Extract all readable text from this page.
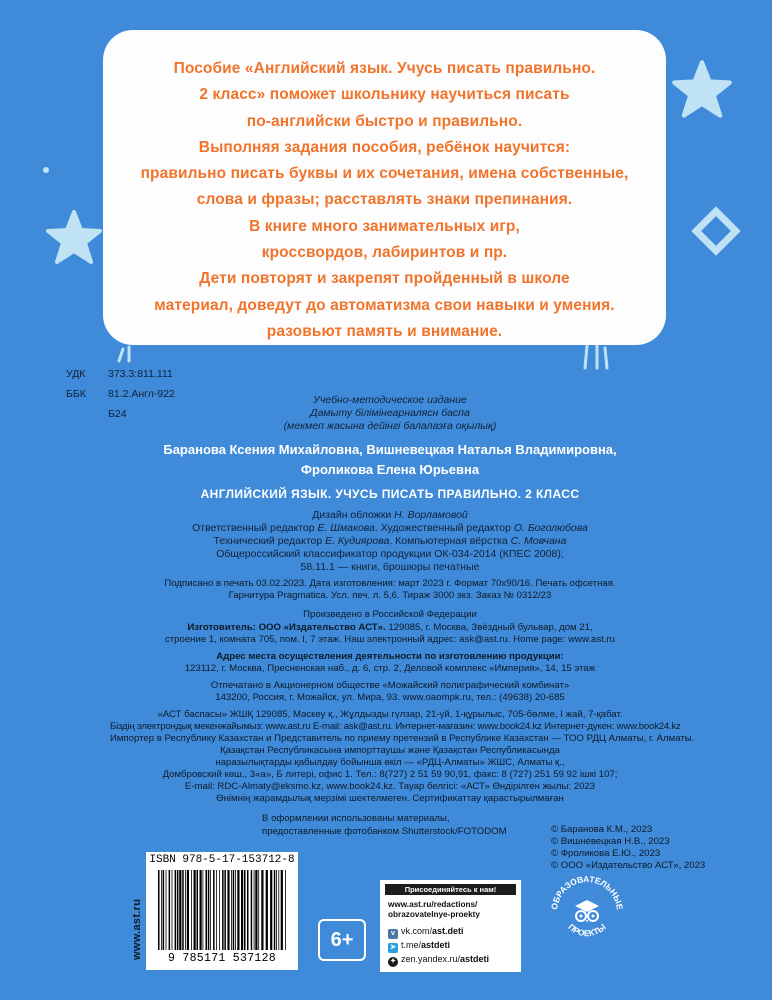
Пособие «Английский язык. Учусь писать правильно.
2 класс» поможет школьнику научиться писать
по-английски быстро и правильно.
Выполняя задания пособия, ребёнок научится:
правильно писать буквы и их сочетания, имена собственные,
слова и фразы; расставлять знаки препинания.
В книге много занимательных игр,
кроссвордов, лабиринтов и пр.
Дети повторят и закрепят пройденный в школе
материал, доведут до автоматизма свои навыки и умения.
разовьют память и внимание.
УДК 373.3:811.111
ББК 81.2.Англ-922
Б24
Учебно-методическое издание
Дамыту білімінеарналясн баспа
(мекмеп жасына дейінгі балалазға оқылық)
Баранова Ксения Михайловна, Вишневецкая Наталья Владимировна,
Фроликова Елена Юрьевна
АНГЛИЙСКИЙ ЯЗЫК. УЧУСЬ ПИСАТЬ ПРАВИЛЬНО. 2 КЛАСС
Дизайн обложки Н. Ворламовой
Ответственный редактор Е. Шмакова. Художественный редактор О. Боголюбова
Технический редактор Е. Кудиярова. Компьютерная вёрстка С. Мовчана
Общероссийский классификатор продукции ОК-034-2014 (КПЕС 2008);
58.11.1 — книги, брошюры печатные
Подписано в печать 03.02.2023. Дата изготовления: март 2023 г. Формат 70x90/16. Печать офсетная.
Гарнитура Pragmatica. Усл. печ. л. 5,6. Тираж 3000 экз. Заказ № 0312/23
Произведено в Российской Федерации
Изготовитель: ООО «Издательство АСТ». 129085, г. Москва, Звёздный бульвар, дом 21,
строение 1, комната 705, пом. I, 7 этаж. Наш электронный адрес: ask@ast.ru. Home page: www.ast.ru
Адрес места осуществления деятельности по изготовлению продукции:
123112, г. Москва, Пресненская наб., д. 6, стр. 2, Деловой комплекс «Империя», 14, 15 этаж
Отпечатано в Акционерном обществе «Можайский полиграфический комбинат»
143200, Россия, г. Можайск, ул. Мира, 93. www.oaompk.ru, тел.: (49638) 20-685
«АСТ баспасы» ЖШҚ 129085, Мәскеу қ., Жұлдызды гүлзар, 21-үй, 1-құрылыс, 705-бөлме, I жай, 7-қабат.
Біздің электрондық мекенжайымыз: www.ast.ru E-mail: ask@ast.ru. Интернет-магазин: www.book24.kz Интернет-дүкен: www.book24.kz
Импортер в Республику Казахстан и Представитель по приему претензий в Республике Казахстан — ТОО РДЦ Алматы, г. Алматы.
Қазақстан Республикасына импорттаушы және Қазақстан Республикасында
наразылықтарды қабылдау бойынша өкіл — «РДЦ-Алматы» ЖШС, Алматы қ.,
Домбровский көш., 3«а», Б литерi, офис 1. Тел.: 8(727) 2 51 59 90,91, факс: 8 (727) 251 59 92 ішкі 107;
E-mail: RDC-Almaty@eksmo.kz, www.book24.kz. Тауар белгісі: «АСТ» Өндірілген жылы: 2023
Өнімнің жарамдылық мерзімі шектелмеген. Сертификаттау қарастырылмаған
В оформлении использованы материалы,
предоставленные фотобанком Shutterstock/FOTODOM	© Баранова К.М., 2023
© Вишневецкая Н.В., 2023
© Фроликова Е.Ю., 2023
© ООО «Издательство АСТ», 2023
www.ast.ru
ISBN 978-5-17-153712-8
9 785171 537128
6+
Присоединяйтесь к нам!
www.ast.ru/redactions/
obrazovatelnye-proekty
v vk.com/ast.deti
➤ t.me/astdeti
✦ zen.yandex.ru/astdeti
ОБРАЗОВАТЕЛЬНЫЕ
ПРОЕКТЫ
